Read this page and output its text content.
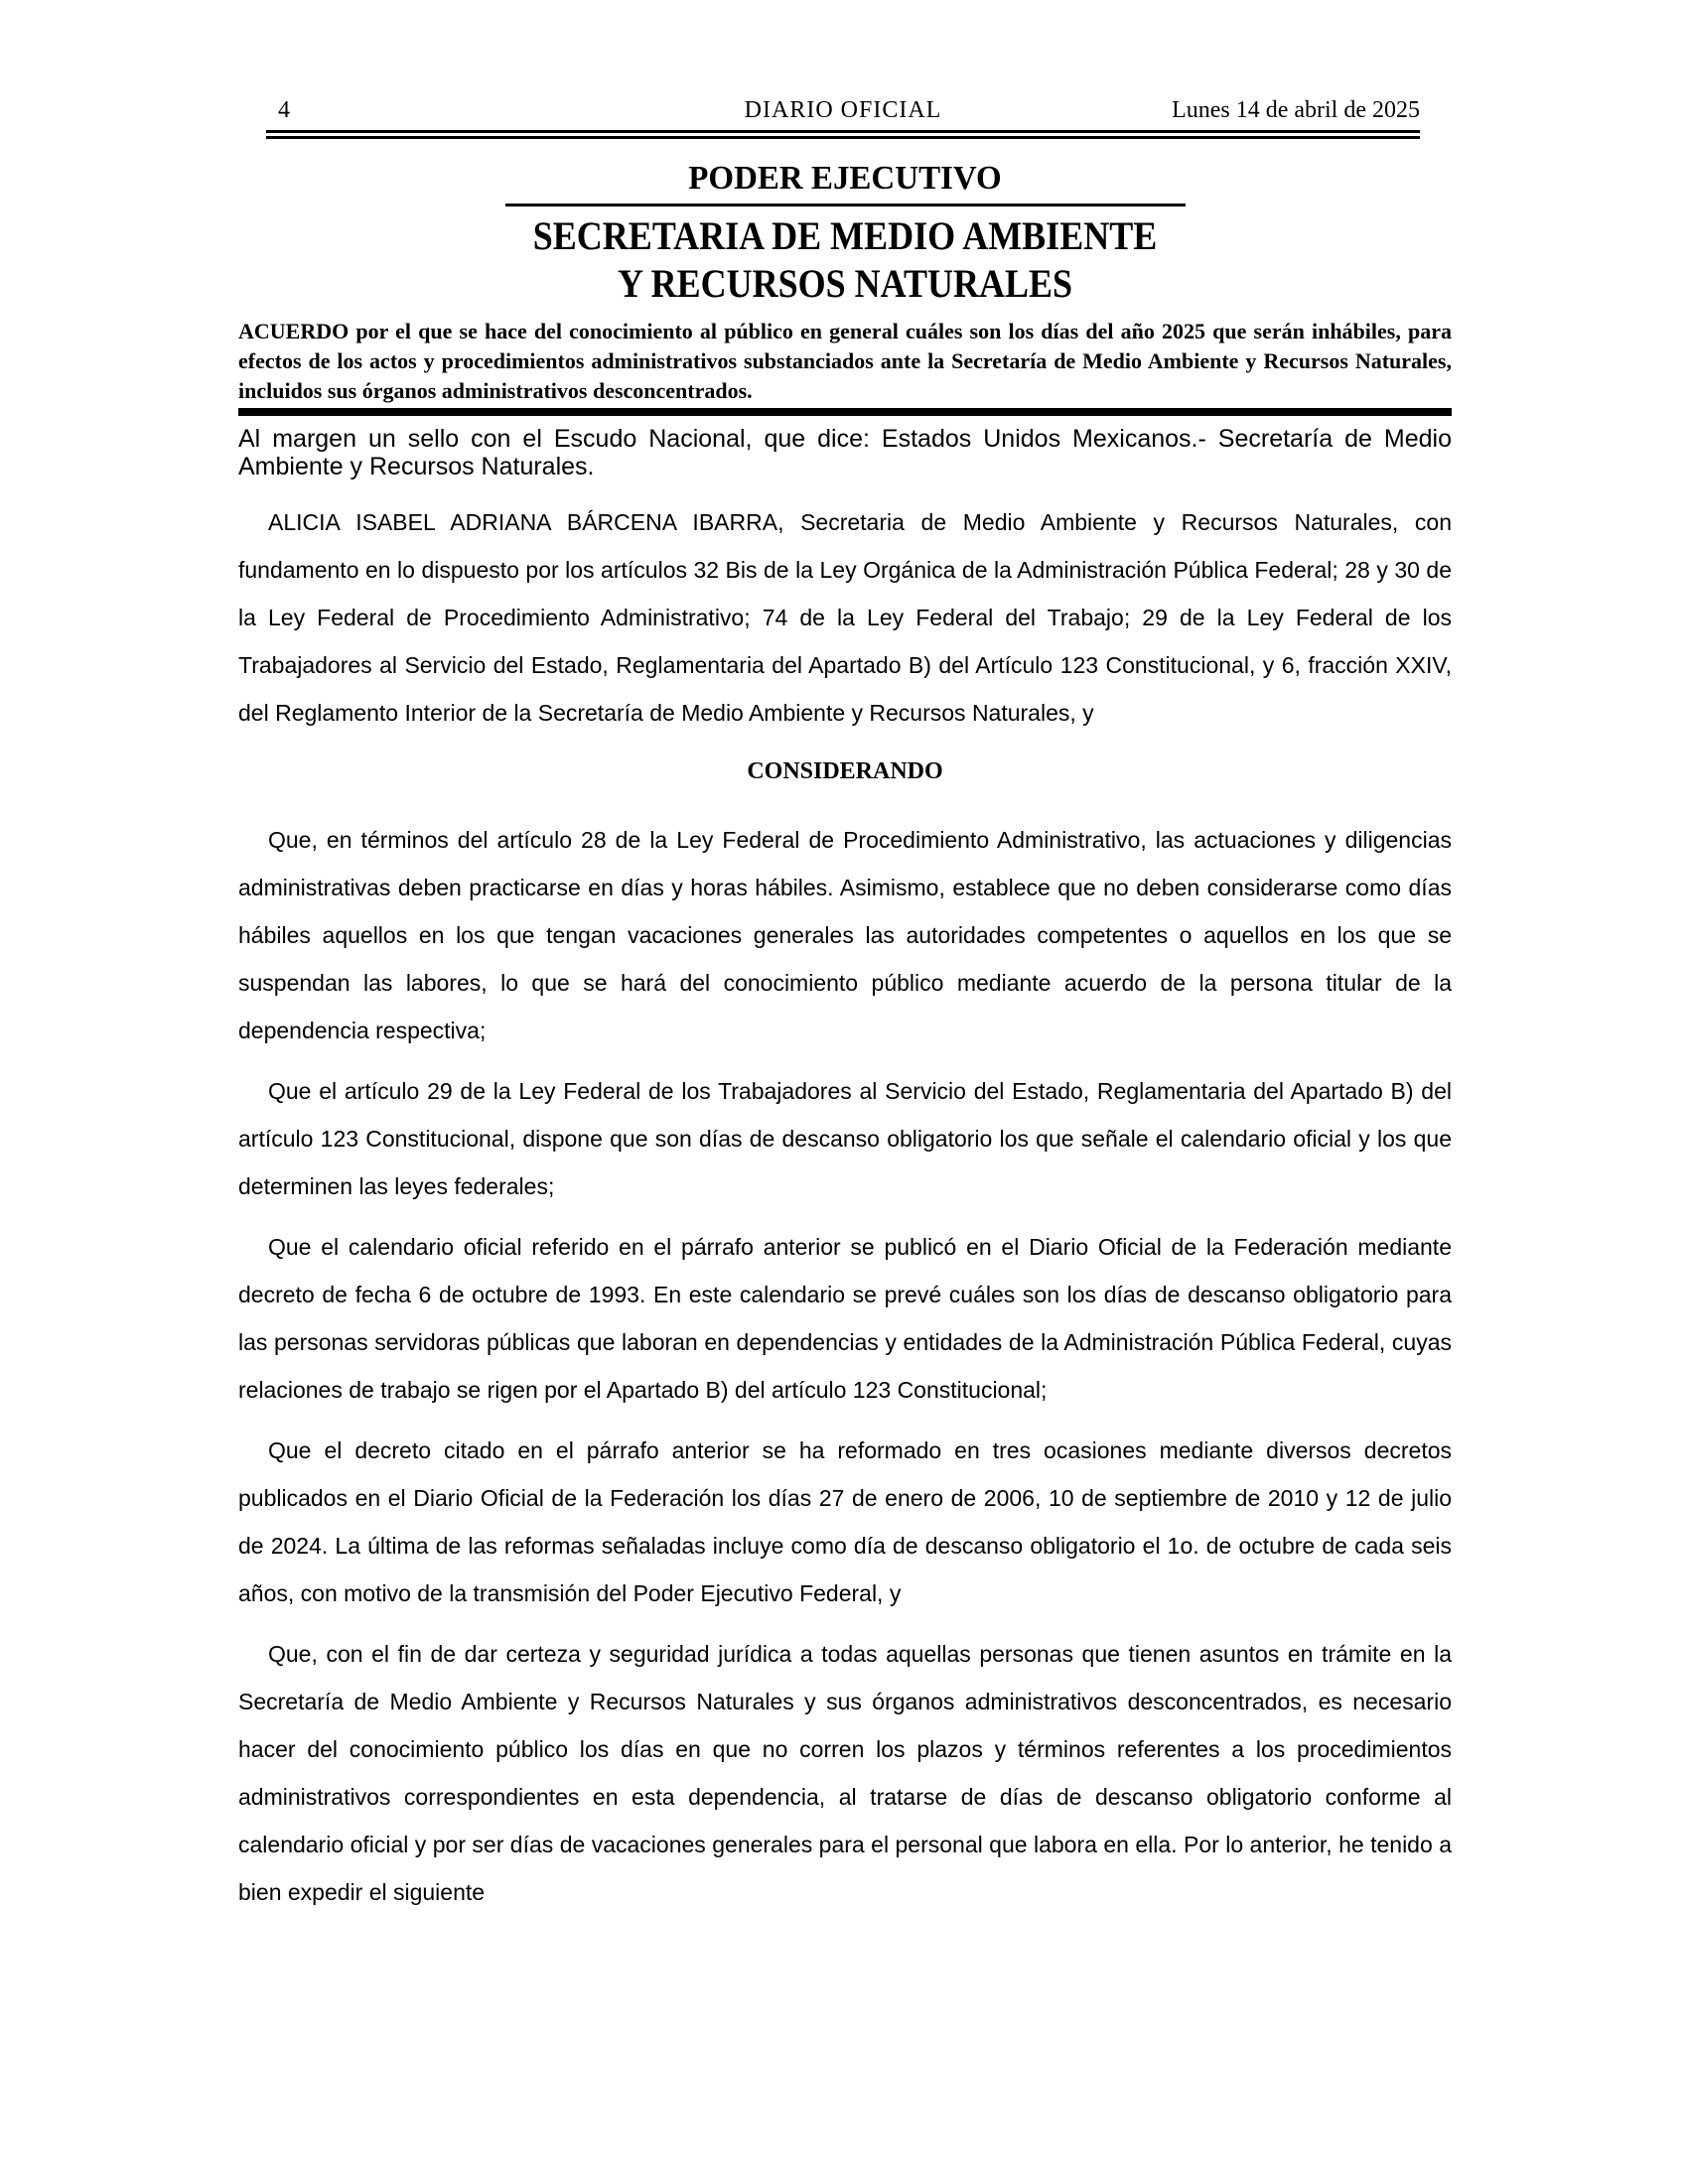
4	DIARIO OFICIAL	Lunes 14 de abril de 2025
PODER EJECUTIVO
SECRETARIA DE MEDIO AMBIENTE
Y RECURSOS NATURALES

ACUERDO por el que se hace del conocimiento al público en general cuáles son los días del año 2025 que serán inhábiles, para efectos de los actos y procedimientos administrativos substanciados ante la Secretaría de Medio Ambiente y Recursos Naturales, incluidos sus órganos administrativos desconcentrados.

Al margen un sello con el Escudo Nacional, que dice: Estados Unidos Mexicanos.- Secretaría de Medio Ambiente y Recursos Naturales.

ALICIA ISABEL ADRIANA BÁRCENA IBARRA, Secretaria de Medio Ambiente y Recursos Naturales, con fundamento en lo dispuesto por los artículos 32 Bis de la Ley Orgánica de la Administración Pública Federal; 28 y 30 de la Ley Federal de Procedimiento Administrativo; 74 de la Ley Federal del Trabajo; 29 de la Ley Federal de los Trabajadores al Servicio del Estado, Reglamentaria del Apartado B) del Artículo 123 Constitucional, y 6, fracción XXIV, del Reglamento Interior de la Secretaría de Medio Ambiente y Recursos Naturales, y

CONSIDERANDO

Que, en términos del artículo 28 de la Ley Federal de Procedimiento Administrativo, las actuaciones y diligencias administrativas deben practicarse en días y horas hábiles. Asimismo, establece que no deben considerarse como días hábiles aquellos en los que tengan vacaciones generales las autoridades competentes o aquellos en los que se suspendan las labores, lo que se hará del conocimiento público mediante acuerdo de la persona titular de la dependencia respectiva;

Que el artículo 29 de la Ley Federal de los Trabajadores al Servicio del Estado, Reglamentaria del Apartado B) del artículo 123 Constitucional, dispone que son días de descanso obligatorio los que señale el calendario oficial y los que determinen las leyes federales;

Que el calendario oficial referido en el párrafo anterior se publicó en el Diario Oficial de la Federación mediante decreto de fecha 6 de octubre de 1993. En este calendario se prevé cuáles son los días de descanso obligatorio para las personas servidoras públicas que laboran en dependencias y entidades de la Administración Pública Federal, cuyas relaciones de trabajo se rigen por el Apartado B) del artículo 123 Constitucional;

Que el decreto citado en el párrafo anterior se ha reformado en tres ocasiones mediante diversos decretos publicados en el Diario Oficial de la Federación los días 27 de enero de 2006, 10 de septiembre de 2010 y 12 de julio de 2024. La última de las reformas señaladas incluye como día de descanso obligatorio el 1o. de octubre de cada seis años, con motivo de la transmisión del Poder Ejecutivo Federal, y

Que, con el fin de dar certeza y seguridad jurídica a todas aquellas personas que tienen asuntos en trámite en la Secretaría de Medio Ambiente y Recursos Naturales y sus órganos administrativos desconcentrados, es necesario hacer del conocimiento público los días en que no corren los plazos y términos referentes a los procedimientos administrativos correspondientes en esta dependencia, al tratarse de días de descanso obligatorio conforme al calendario oficial y por ser días de vacaciones generales para el personal que labora en ella. Por lo anterior, he tenido a bien expedir el siguiente
